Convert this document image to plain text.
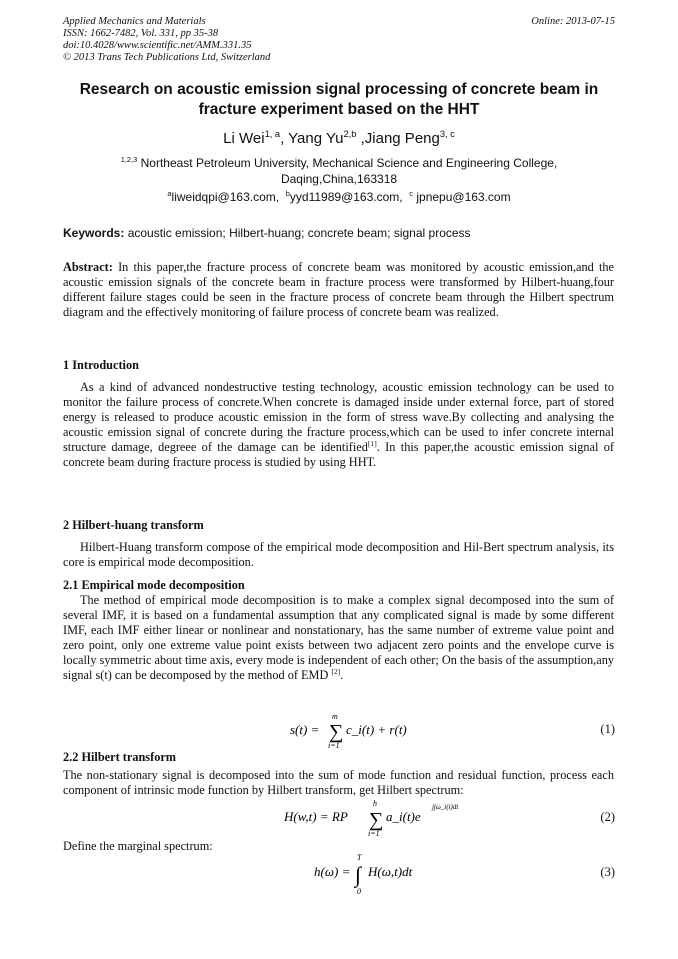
Applied Mechanics and Materials
ISSN: 1662-7482, Vol. 331, pp 35-38
doi:10.4028/www.scientific.net/AMM.331.35
© 2013 Trans Tech Publications Ltd, Switzerland
Online: 2013-07-15
Research on acoustic emission signal processing of concrete beam in fracture experiment based on the HHT
Li Wei$^{1, a}$, Yang Yu$^{2,b}$ ,Jiang Peng$^{3, c}$
$^{1,2,3}$ Northeast Petroleum University, Mechanical Science and Engineering College, Daqing,China,163318
$^a$liweidqpi@163.com, $^b$yyd11989@163.com, $^c$ jpnepu@163.com
Keywords: acoustic emission; Hilbert-huang; concrete beam; signal process
Abstract: In this paper,the fracture process of concrete beam was monitored by acoustic emission,and the acoustic emission signals of the concrete beam in fracture process were transformed by Hilbert-huang,four different failure stages could be seen in the fracture process of concrete beam through the Hilbert spectrum diagram and the effectively monitoring of failure process of concrete beam was realized.
1 Introduction
As a kind of advanced nondestructive testing technology, acoustic emission technology can be used to monitor the failure process of concrete.When concrete is damaged inside under external force, part of stored energy is released to produce acoustic emission in the form of stress wave.By collecting and analysing the acoustic emission signal of concrete during the fracture process,which can be used to infer concrete internal structure damage, degreee of the damage can be identified[1]. In this paper,the acoustic emission signal of concrete beam during fracture process is studied by using HHT.
2 Hilbert-huang transform
Hilbert-Huang transform compose of the empirical mode decomposition and Hil-Bert spectrum analysis, its core is empirical mode decomposition.
2.1 Empirical mode decomposition
The method of empirical mode decomposition is to make a complex signal decomposed into the sum of several IMF, it is based on a fundamental assumption that any complicated signal is made by some different IMF, each IMF either linear or nonlinear and nonstationary, has the same number of extreme value point and zero point, only one extreme value point exists between two adjacent zero points and the envelope curve is locally symmetric about time axis, every mode is independent of each other; On the basis of the assumption,any signal s(t) can be decomposed by the method of EMD [2].
s(t) =
m
∑
i=1
c_i(t) + r(t)	(1)
2.2 Hilbert transform
The non-stationary signal is decomposed into the sum of mode function and residual function, process each component of intrinsic mode function by Hilbert transform, get Hilbert spectrum:
H(w,t) = RP
h
∑
i=1
a_i(t)e
j∫ω_i(t)dt
(2)
Define the marginal spectrum:
h(ω) =
T
∫
0
H(ω,t)dt	(3)
